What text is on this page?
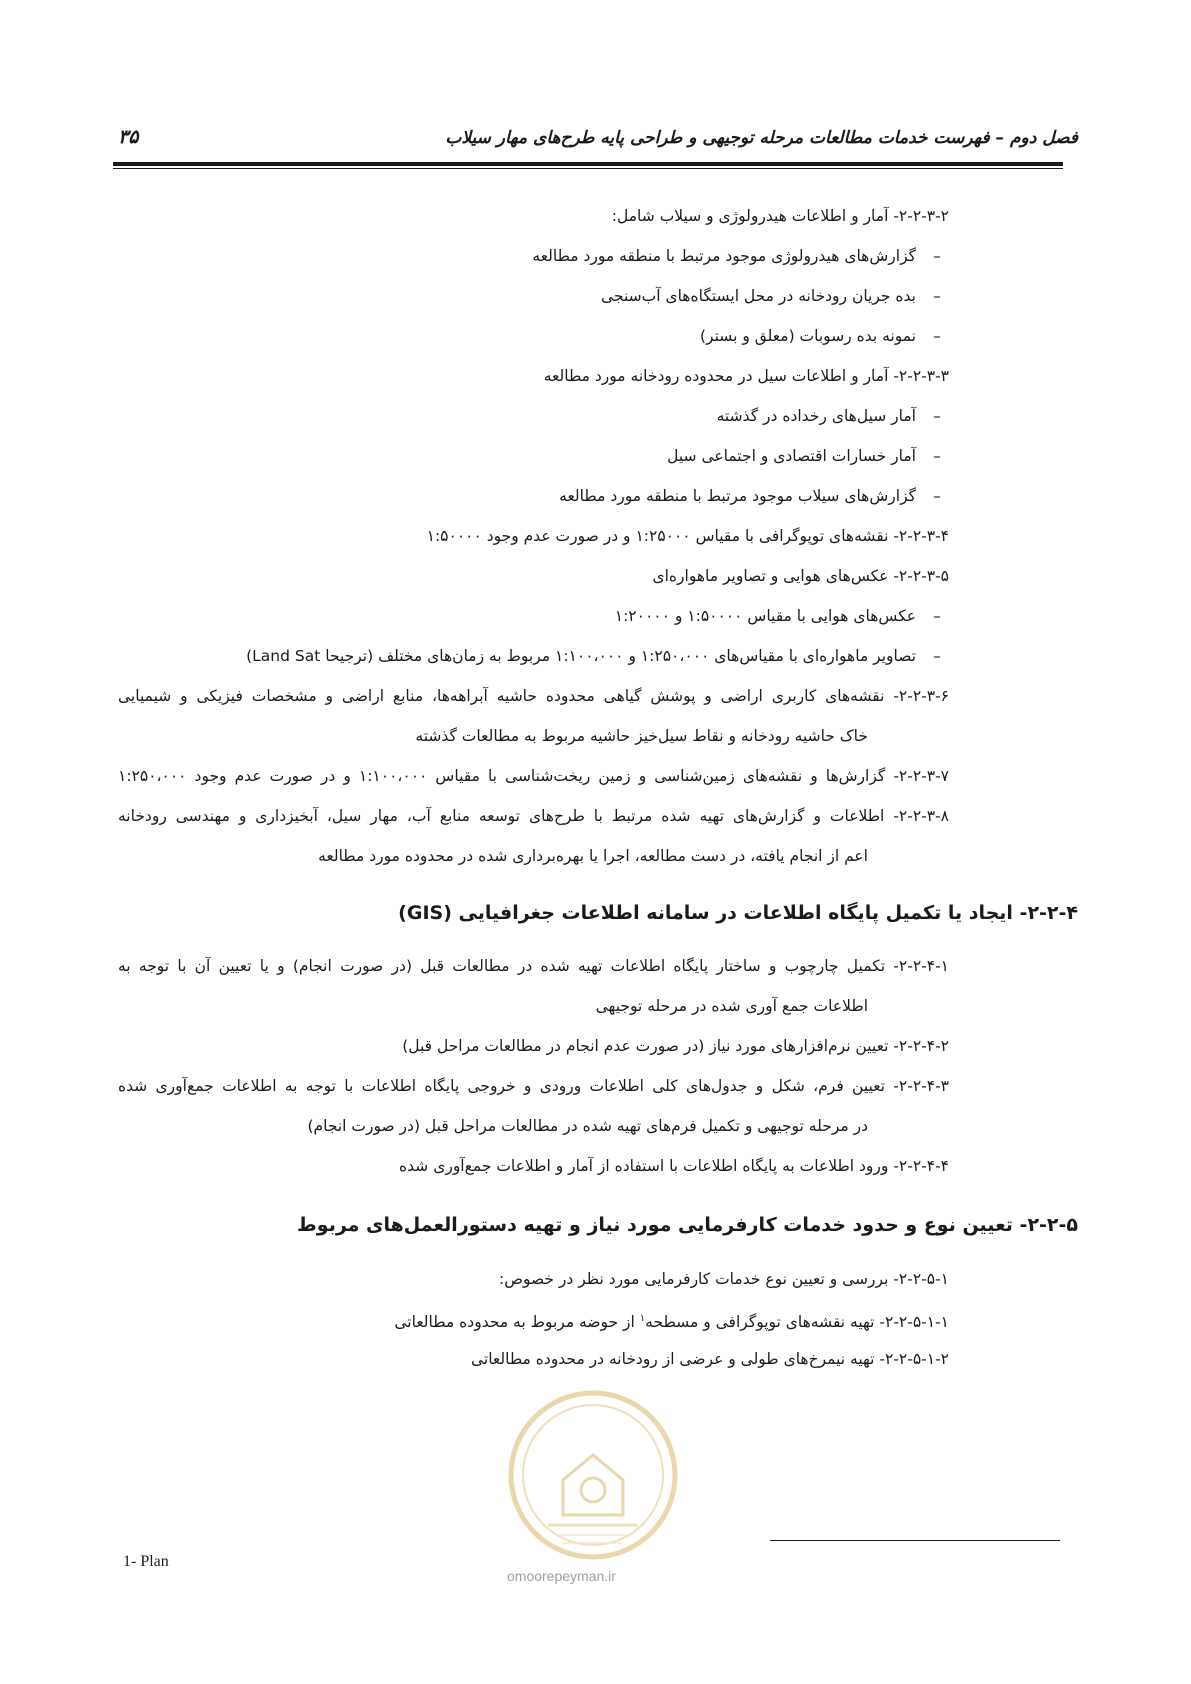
فصل دوم – فهرست خدمات مطالعات مرحله توجیهی و طراحی پایه طرح‌های مهار سیلاب
۳۵
۲-۲-۳-۲- آمار و اطلاعات هیدرولوژی و سیلاب شامل:
–گزارش‌های هیدرولوژی موجود مرتبط با منطقه مورد مطالعه
–بده جریان رودخانه در محل ایستگاه‌های آب‌سنجی
–نمونه بده رسوبات (معلق و بستر)
۲-۲-۳-۳- آمار و اطلاعات سیل در محدوده رودخانه مورد مطالعه
–آمار سیل‌های رخداده در گذشته
–آمار خسارات اقتصادی و اجتماعی سیل
–گزارش‌های سیلاب موجود مرتبط با منطقه مورد مطالعه
۲-۲-۳-۴- نقشه‌های توپوگرافی با مقیاس ۱:۲۵۰۰۰ و در صورت عدم وجود ۱:۵۰۰۰۰
۲-۲-۳-۵- عکس‌های هوایی و تصاویر ماهواره‌ای
–عکس‌های هوایی با مقیاس ۱:۵۰۰۰۰ و ۱:۲۰۰۰۰
–تصاویر ماهواره‌ای با مقیاس‌های ۱:۲۵۰،۰۰۰ و ۱:۱۰۰،۰۰۰ مربوط به زمان‌های مختلف (ترجیحا Land Sat)
۲-۲-۳-۶- نقشه‌های کاربری اراضی و پوشش گیاهی محدوده حاشیه آبراهه‌ها، منابع اراضی و مشخصات فیزیکی و شیمیایی
خاک حاشیه رودخانه و نقاط سیل‌خیز حاشیه مربوط به مطالعات گذشته
۲-۲-۳-۷- گزارش‌ها و نقشه‌های زمین‌شناسی و زمین ریخت‌شناسی با مقیاس ۱:۱۰۰،۰۰۰ و در صورت عدم وجود ۱:۲۵۰،۰۰۰
۲-۲-۳-۸- اطلاعات و گزارش‌های تهیه شده مرتبط با طرح‌های توسعه منابع آب، مهار سیل، آبخیزداری و مهندسی رودخانه
اعم از انجام یافته، در دست مطالعه، اجرا یا بهره‌برداری شده در محدوده مورد مطالعه
۲-۲-۴- ایجاد یا تکمیل پایگاه اطلاعات در سامانه اطلاعات جغرافیایی (GIS)
۲-۲-۴-۱- تکمیل چارچوب و ساختار پایگاه اطلاعات تهیه شده در مطالعات قبل (در صورت انجام) و یا تعیین آن با توجه به
اطلاعات جمع آوری شده در مرحله توجیهی
۲-۲-۴-۲- تعیین نرم‌افزارهای مورد نیاز (در صورت عدم انجام در مطالعات مراحل قبل)
۲-۲-۴-۳- تعیین فرم، شکل و جدول‌های کلی اطلاعات ورودی و خروجی پایگاه اطلاعات با توجه به اطلاعات جمع‌آوری شده
در مرحله توجیهی و تکمیل فرم‌های تهیه شده در مطالعات مراحل قبل (در صورت انجام)
۲-۲-۴-۴- ورود اطلاعات به پایگاه اطلاعات با استفاده از آمار و اطلاعات جمع‌آوری شده
۲-۲-۵- تعیین نوع و حدود خدمات کارفرمایی مورد نیاز و تهیه دستورالعمل‌های مربوط
۲-۲-۵-۱- بررسی و تعیین نوع خدمات کارفرمایی مورد نظر در خصوص:
۲-۲-۵-۱-۱- تهیه نقشه‌های توپوگرافی و مسطحه$^۱$ از حوضه مربوط به محدوده مطالعاتی
۲-۲-۵-۱-۲- تهیه نیمرخ‌های طولی و عرضی از رودخانه در محدوده مطالعاتی
omoorepeyman.ir
1- Plan
